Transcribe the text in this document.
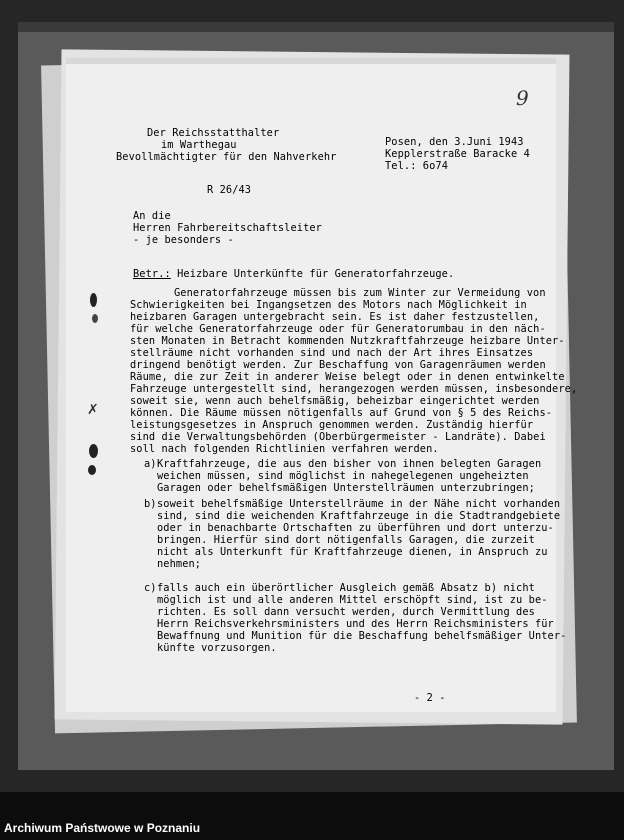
9
Der Reichsstatthalter
im Warthegau
Bevollmächtigter für den Nahverkehr
Posen, den 3.Juni 1943
Kepplerstraße Baracke 4
Tel.: 6o74
R 26/43
An die
Herren Fahrbereitschaftsleiter
- je besonders -
Betr.: Heizbare Unterkünfte für Generatorfahrzeuge.
Generatorfahrzeuge müssen bis zum Winter zur Vermeidung von
Schwierigkeiten bei Ingangsetzen des Motors nach Möglichkeit in
heizbaren Garagen untergebracht sein. Es ist daher festzustellen,
für welche Generatorfahrzeuge oder für Generatorumbau in den näch-
sten Monaten in Betracht kommenden Nutzkraftfahrzeuge heizbare Unter-
stellräume nicht vorhanden sind und nach der Art ihres Einsatzes
dringend benötigt werden. Zur Beschaffung von Garagenräumen werden
Räume, die zur Zeit in anderer Weise belegt oder in denen entwinkelte
Fahrzeuge untergestellt sind, herangezogen werden müssen, insbesondere,
soweit sie, wenn auch behelfsmäßig, beheizbar eingerichtet werden
können. Die Räume müssen nötigenfalls auf Grund von § 5 des Reichs-
leistungsgesetzes in Anspruch genommen werden. Zuständig hierfür
sind die Verwaltungsbehörden (Oberbürgermeister - Landräte). Dabei
soll nach folgenden Richtlinien verfahren werden.
a) Kraftfahrzeuge, die aus den bisher von ihnen belegten Garagen
weichen müssen, sind möglichst in nahegelegenen ungeheizten
Garagen oder behelfsmäßigen Unterstellräumen unterzubringen;
b) soweit behelfsmäßige Unterstellräume in der Nähe nicht vorhanden
sind, sind die weichenden Kraftfahrzeuge in die Stadtrandgebiete
oder in benachbarte Ortschaften zu überführen und dort unterzu-
bringen. Hierfür sind dort nötigenfalls Garagen, die zurzeit
nicht als Unterkunft für Kraftfahrzeuge dienen, in Anspruch zu
nehmen;
c) falls auch ein überörtlicher Ausgleich gemäß Absatz b) nicht
möglich ist und alle anderen Mittel erschöpft sind, ist zu be-
richten. Es soll dann versucht werden, durch Vermittlung des
Herrn Reichsverkehrsministers und des Herrn Reichsministers für
Bewaffnung und Munition für die Beschaffung behelfsmäßiger Unter-
künfte vorzusorgen.
- 2 -
✗
Archiwum Państwowe w Poznaniu
